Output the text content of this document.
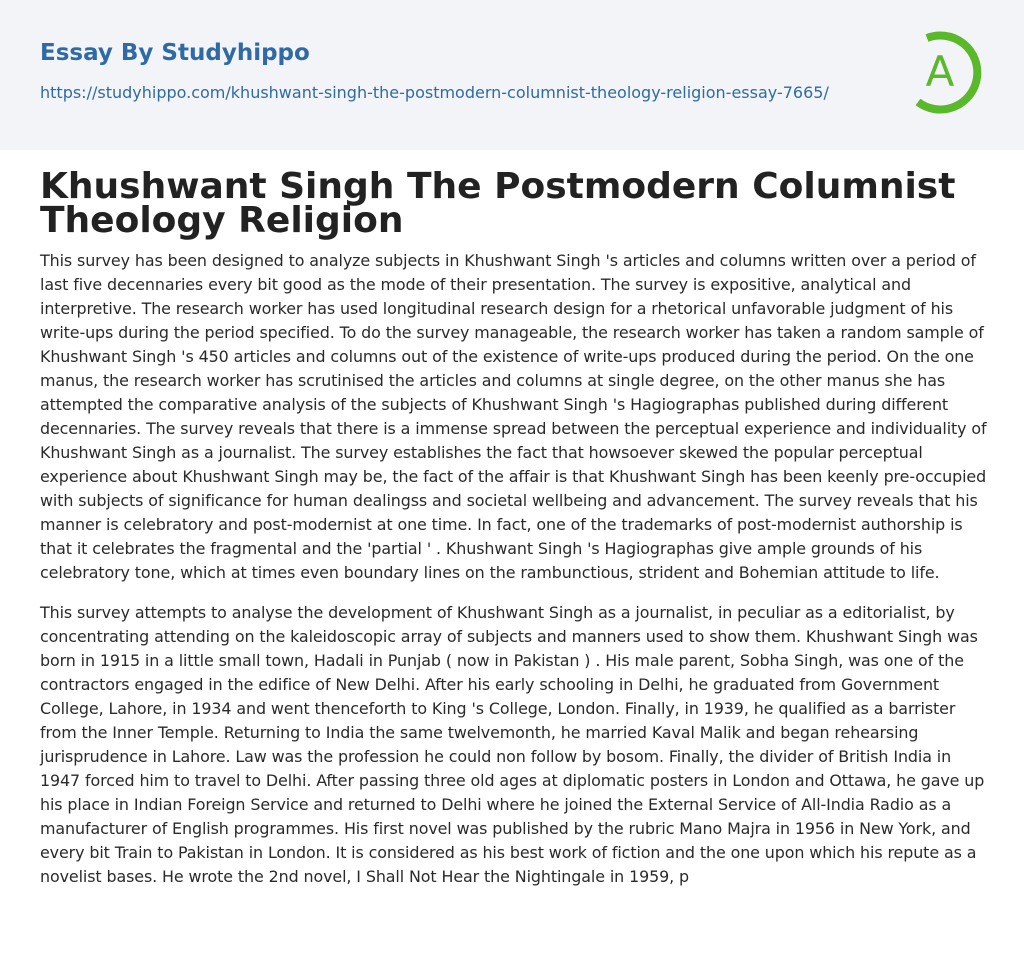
Essay By Studyhippo
https://studyhippo.com/khushwant-singh-the-postmodern-columnist-theology-religion-essay-7665/ A
Khushwant Singh The Postmodern Columnist Theology Religion

This survey has been designed to analyze subjects in Khushwant Singh 's articles and columns written over a period of last five decennaries every bit good as the mode of their presentation. The survey is expositive, analytical and interpretive. The research worker has used longitudinal research design for a rhetorical unfavorable judgment of his write-ups during the period specified. To do the survey manageable, the research worker has taken a random sample of Khushwant Singh 's 450 articles and columns out of the existence of write-ups produced during the period. On the one manus, the research worker has scrutinised the articles and columns at single degree, on the other manus she has attempted the comparative analysis of the subjects of Khushwant Singh 's Hagiographas published during different decennaries. The survey reveals that there is a immense spread between the perceptual experience and individuality of Khushwant Singh as a journalist. The survey establishes the fact that howsoever skewed the popular perceptual experience about Khushwant Singh may be, the fact of the affair is that Khushwant Singh has been keenly pre-occupied with subjects of significance for human dealingss and societal wellbeing and advancement. The survey reveals that his manner is celebratory and post-modernist at one time. In fact, one of the trademarks of post-modernist authorship is that it celebrates the fragmental and the 'partial ' . Khushwant Singh 's Hagiographas give ample grounds of his celebratory tone, which at times even boundary lines on the rambunctious, strident and Bohemian attitude to life.

This survey attempts to analyse the development of Khushwant Singh as a journalist, in peculiar as a editorialist, by concentrating attending on the kaleidoscopic array of subjects and manners used to show them. Khushwant Singh was born in 1915 in a little small town, Hadali in Punjab ( now in Pakistan ) . His male parent, Sobha Singh, was one of the contractors engaged in the edifice of New Delhi. After his early schooling in Delhi, he graduated from Government College, Lahore, in 1934 and went thenceforth to King 's College, London. Finally, in 1939, he qualified as a barrister from the Inner Temple. Returning to India the same twelvemonth, he married Kaval Malik and began rehearsing jurisprudence in Lahore. Law was the profession he could non follow by bosom. Finally, the divider of British India in 1947 forced him to travel to Delhi. After passing three old ages at diplomatic posters in London and Ottawa, he gave up his place in Indian Foreign Service and returned to Delhi where he joined the External Service of All-India Radio as a manufacturer of English programmes. His first novel was published by the rubric Mano Majra in 1956 in New York, and every bit Train to Pakistan in London. It is considered as his best work of fiction and the one upon which his repute as a novelist bases. He wrote the 2nd novel, I Shall Not Hear the Nightingale in 1959, p
